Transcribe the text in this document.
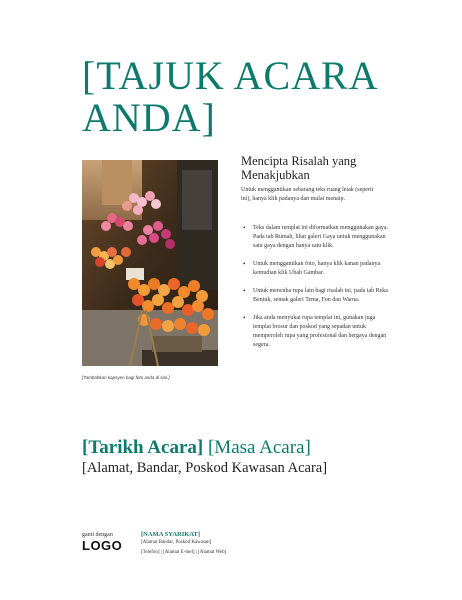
[TAJUK ACARA ANDA]
[Tambahkan kapsyen bagi foto anda di sini.]
Mencipta Risalah yang Menakjubkan
Untuk menggantikan sebarang teks ruang letak (seperti ini), hanya klik padanya dan mulai menaip.
• Teks dalam templat ini diformatkan menggunakan gaya. Pada tab Rumah, lihat galeri Gaya untuk menggunakan satu gaya dengan hanya satu klik.
• Untuk menggantikan foto, hanya klik kanan padanya kemudian klik Ubah Gambar.
• Untuk mencuba rupa lain bagi risalah ini, pada tab Reka Bentuk, semak galeri Tema, Fon dan Warna.
• Jika anda menyukai rupa templat ini, gunakan juga templat brosur dan poskod yang sepadan untuk memperoleh rupa yang profesional dan bergaya dengan segera.
[Tarikh Acara] [Masa Acara]
[Alamat, Bandar, Poskod Kawasan Acara]
ganti dengan
LOGO
[NAMA SYARIKAT]
[Alamat Bandar, Poskod Kawasan]
[Telefon] | [Alamat E-mel] | [Alamat Web]
